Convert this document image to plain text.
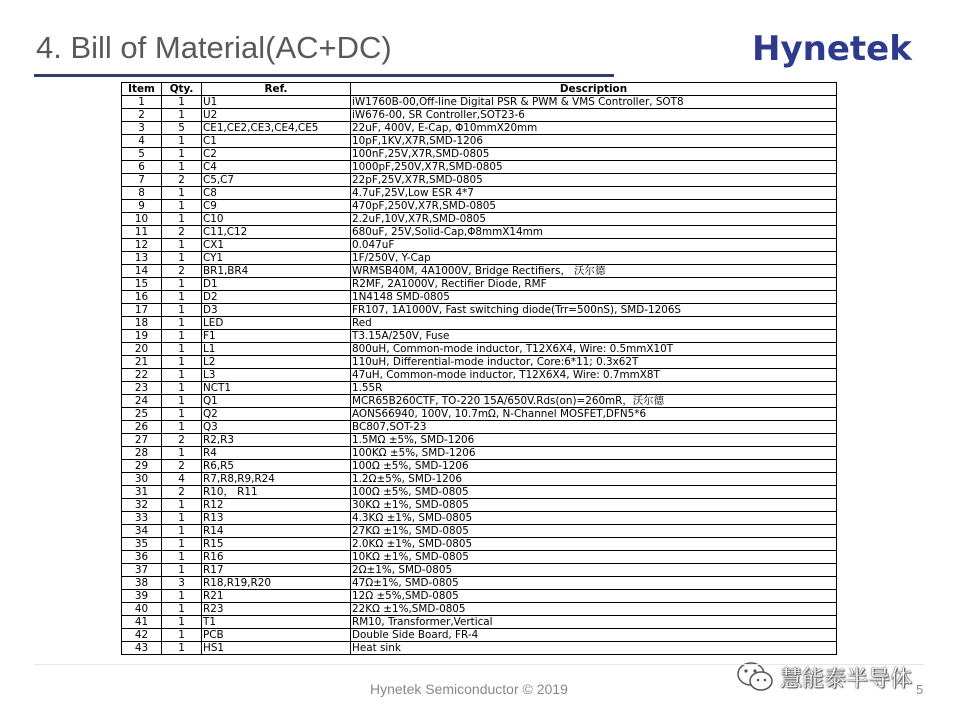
4. Bill of Material(AC+DC)	Hynetek
Item	Qty.	Ref.	Description
1	1	U1	iW1760B-00,Off-line Digital PSR & PWM & VMS Controller, SOT8
2	1	U2	iW676-00, SR Controller,SOT23-6
3	5	CE1,CE2,CE3,CE4,CE5	22uF, 400V, E-Cap, Φ10mmX20mm
4	1	C1	10pF,1KV,X7R,SMD-1206
5	1	C2	100nF,25V,X7R,SMD-0805
6	1	C4	1000pF,250V,X7R,SMD-0805
7	2	C5,C7	22pF,25V,X7R,SMD-0805
8	1	C8	4.7uF,25V,Low ESR 4*7
9	1	C9	470pF,250V,X7R,SMD-0805
10	1	C10	2.2uF,10V,X7R,SMD-0805
11	2	C11,C12	680uF, 25V,Solid-Cap,Φ8mmX14mm
12	1	CX1	0.047uF
13	1	CY1	1F/250V, Y-Cap
14	2	BR1,BR4	WRMSB40M, 4A1000V, Bridge Rectifiers， 沃尔德
15	1	D1	R2MF, 2A1000V, Rectifier Diode, RMF
16	1	D2	1N4148 SMD-0805
17	1	D3	FR107, 1A1000V, Fast switching diode(Trr=500nS), SMD-1206S
18	1	LED	Red
19	1	F1	T3.15A/250V, Fuse
20	1	L1	800uH, Common-mode inductor, T12X6X4, Wire: 0.5mmX10T
21	1	L2	110uH, Differential-mode inductor, Core:6*11; 0.3x62T
22	1	L3	47uH, Common-mode inductor, T12X6X4, Wire: 0.7mmX8T
23	1	NCT1	1.55R
24	1	Q1	MCR65B260CTF, TO-220 15A/650V.Rds(on)=260mR，沃尔德
25	1	Q2	AONS66940, 100V, 10.7mΩ, N-Channel MOSFET,DFN5*6
26	1	Q3	BC807,SOT-23
27	2	R2,R3	1.5MΩ ±5%, SMD-1206
28	1	R4	100KΩ ±5%, SMD-1206
29	2	R6,R5	100Ω ±5%, SMD-1206
30	4	R7,R8,R9,R24	1.2Ω±5%, SMD-1206
31	2	R10， R11	100Ω ±5%, SMD-0805
32	1	R12	30KΩ ±1%, SMD-0805
33	1	R13	4.3KΩ ±1%, SMD-0805
34	1	R14	27KΩ ±1%, SMD-0805
35	1	R15	2.0KΩ ±1%, SMD-0805
36	1	R16	10KΩ ±1%, SMD-0805
37	1	R17	2Ω±1%, SMD-0805
38	3	R18,R19,R20	47Ω±1%, SMD-0805
39	1	R21	12Ω ±5%,SMD-0805
40	1	R23	22KΩ ±1%,SMD-0805
41	1	T1	RM10, Transformer,Vertical
42	1	PCB	Double Side Board, FR-4
43	1	HS1	Heat sink
慧能泰半导体
Hynetek Semiconductor © 2019	5
